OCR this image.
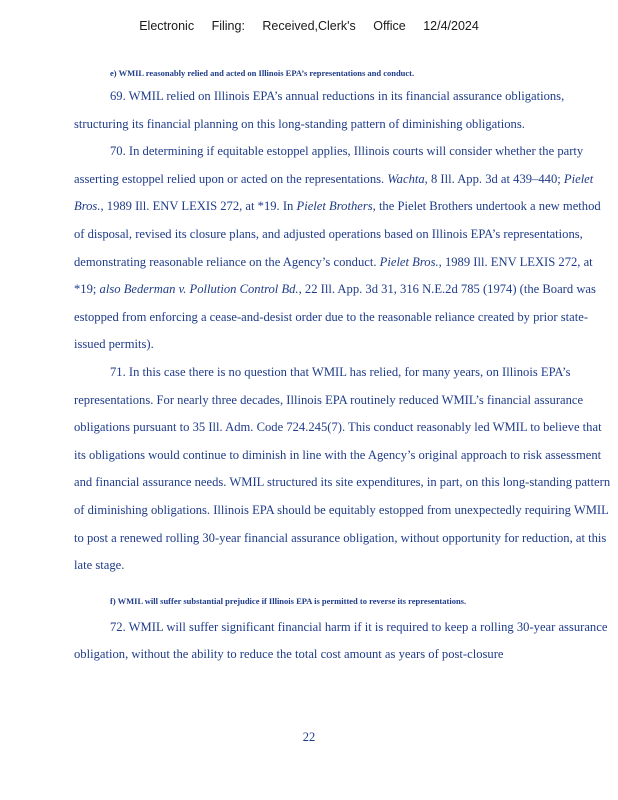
Electronic Filing: Received,Clerk's Office 12/4/2024
e) WMIL reasonably relied and acted on Illinois EPA’s representations and conduct.

69. WMIL relied on Illinois EPA’s annual reductions in its financial assurance obligations, structuring its financial planning on this long-standing pattern of diminishing obligations.

70. In determining if equitable estoppel applies, Illinois courts will consider whether the party asserting estoppel relied upon or acted on the representations. Wachta, 8 Ill. App. 3d at 439–440; Pielet Bros., 1989 Ill. ENV LEXIS 272, at *19. In Pielet Brothers, the Pielet Brothers undertook a new method of disposal, revised its closure plans, and adjusted operations based on Illinois EPA’s representations, demonstrating reasonable reliance on the Agency’s conduct. Pielet Bros., 1989 Ill. ENV LEXIS 272, at *19; also Bederman v. Pollution Control Bd., 22 Ill. App. 3d 31, 316 N.E.2d 785 (1974) (the Board was estopped from enforcing a cease-and-desist order due to the reasonable reliance created by prior state-issued permits).

71. In this case there is no question that WMIL has relied, for many years, on Illinois EPA’s representations. For nearly three decades, Illinois EPA routinely reduced WMIL’s financial assurance obligations pursuant to 35 Ill. Adm. Code 724.245(7). This conduct reasonably led WMIL to believe that its obligations would continue to diminish in line with the Agency’s original approach to risk assessment and financial assurance needs. WMIL structured its site expenditures, in part, on this long-standing pattern of diminishing obligations. Illinois EPA should be equitably estopped from unexpectedly requiring WMIL to post a renewed rolling 30-year financial assurance obligation, without opportunity for reduction, at this late stage.

f) WMIL will suffer substantial prejudice if Illinois EPA is permitted to reverse its representations.

72. WMIL will suffer significant financial harm if it is required to keep a rolling 30-year assurance obligation, without the ability to reduce the total cost amount as years of post-closure

22
